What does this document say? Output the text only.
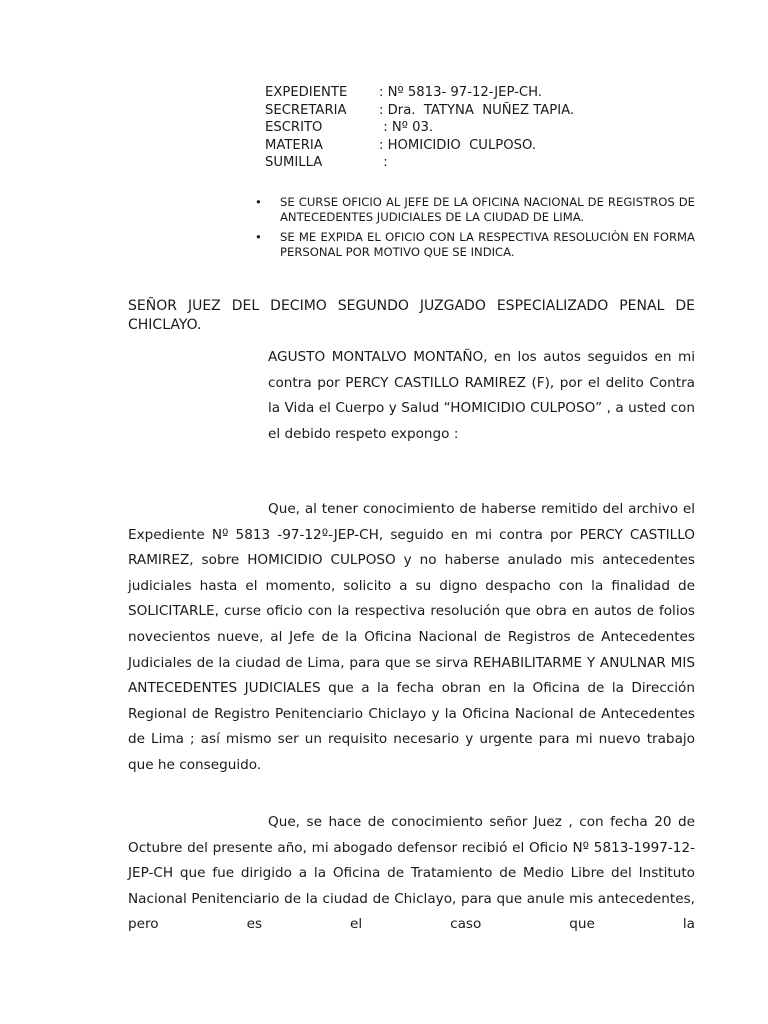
EXPEDIENTE : Nº 5813- 97-12-JEP-CH.
SECRETARIA : Dra.  TATYNA  NUÑEZ TAPIA.
ESCRITO	: Nº 03.
MATERIA	: HOMICIDIO  CULPOSO.
SUMILLA	:
• SE CURSE OFICIO AL JEFE DE LA OFICINA NACIONAL DE REGISTROS DE ANTECEDENTES JUDICIALES DE LA CIUDAD DE LIMA.
• SE ME EXPIDA EL OFICIO CON LA RESPECTIVA RESOLUCIÒN EN FORMA PERSONAL POR MOTIVO QUE SE INDICA.
SEÑOR JUEZ DEL DECIMO SEGUNDO JUZGADO ESPECIALIZADO PENAL DE CHICLAYO.
AGUSTO MONTALVO MONTAÑO, en los autos seguidos en mi contra por PERCY CASTILLO RAMIREZ (F), por el delito Contra la Vida el Cuerpo y Salud “HOMICIDIO CULPOSO” , a usted con el debido respeto expongo :
Que, al tener conocimiento de haberse remitido del archivo el Expediente Nº 5813 -97-12º-JEP-CH, seguido en mi contra por PERCY CASTILLO RAMIREZ, sobre HOMICIDIO CULPOSO y no haberse anulado mis antecedentes judiciales hasta el momento, solicito a su digno despacho con la finalidad de SOLICITARLE, curse oficio con la respectiva resolución que obra en autos de folios novecientos nueve, al Jefe de la Oficina Nacional de Registros de Antecedentes Judiciales de la ciudad de Lima, para que se sirva REHABILITARME Y ANULNAR MIS ANTECEDENTES JUDICIALES que a la fecha obran en la Oficina de la Dirección Regional de Registro Penitenciario Chiclayo y la Oficina Nacional de Antecedentes de Lima ; así mismo ser un requisito necesario y urgente para mi nuevo trabajo que he conseguido.
Que, se hace de conocimiento señor Juez , con fecha 20 de Octubre del presente año, mi abogado defensor recibió el Oficio Nº 5813-1997-12-JEP-CH que fue dirigido a la Oficina de Tratamiento de Medio Libre del Instituto Nacional Penitenciario de la ciudad de Chiclayo, para que anule mis antecedentes, pero es el caso que la
